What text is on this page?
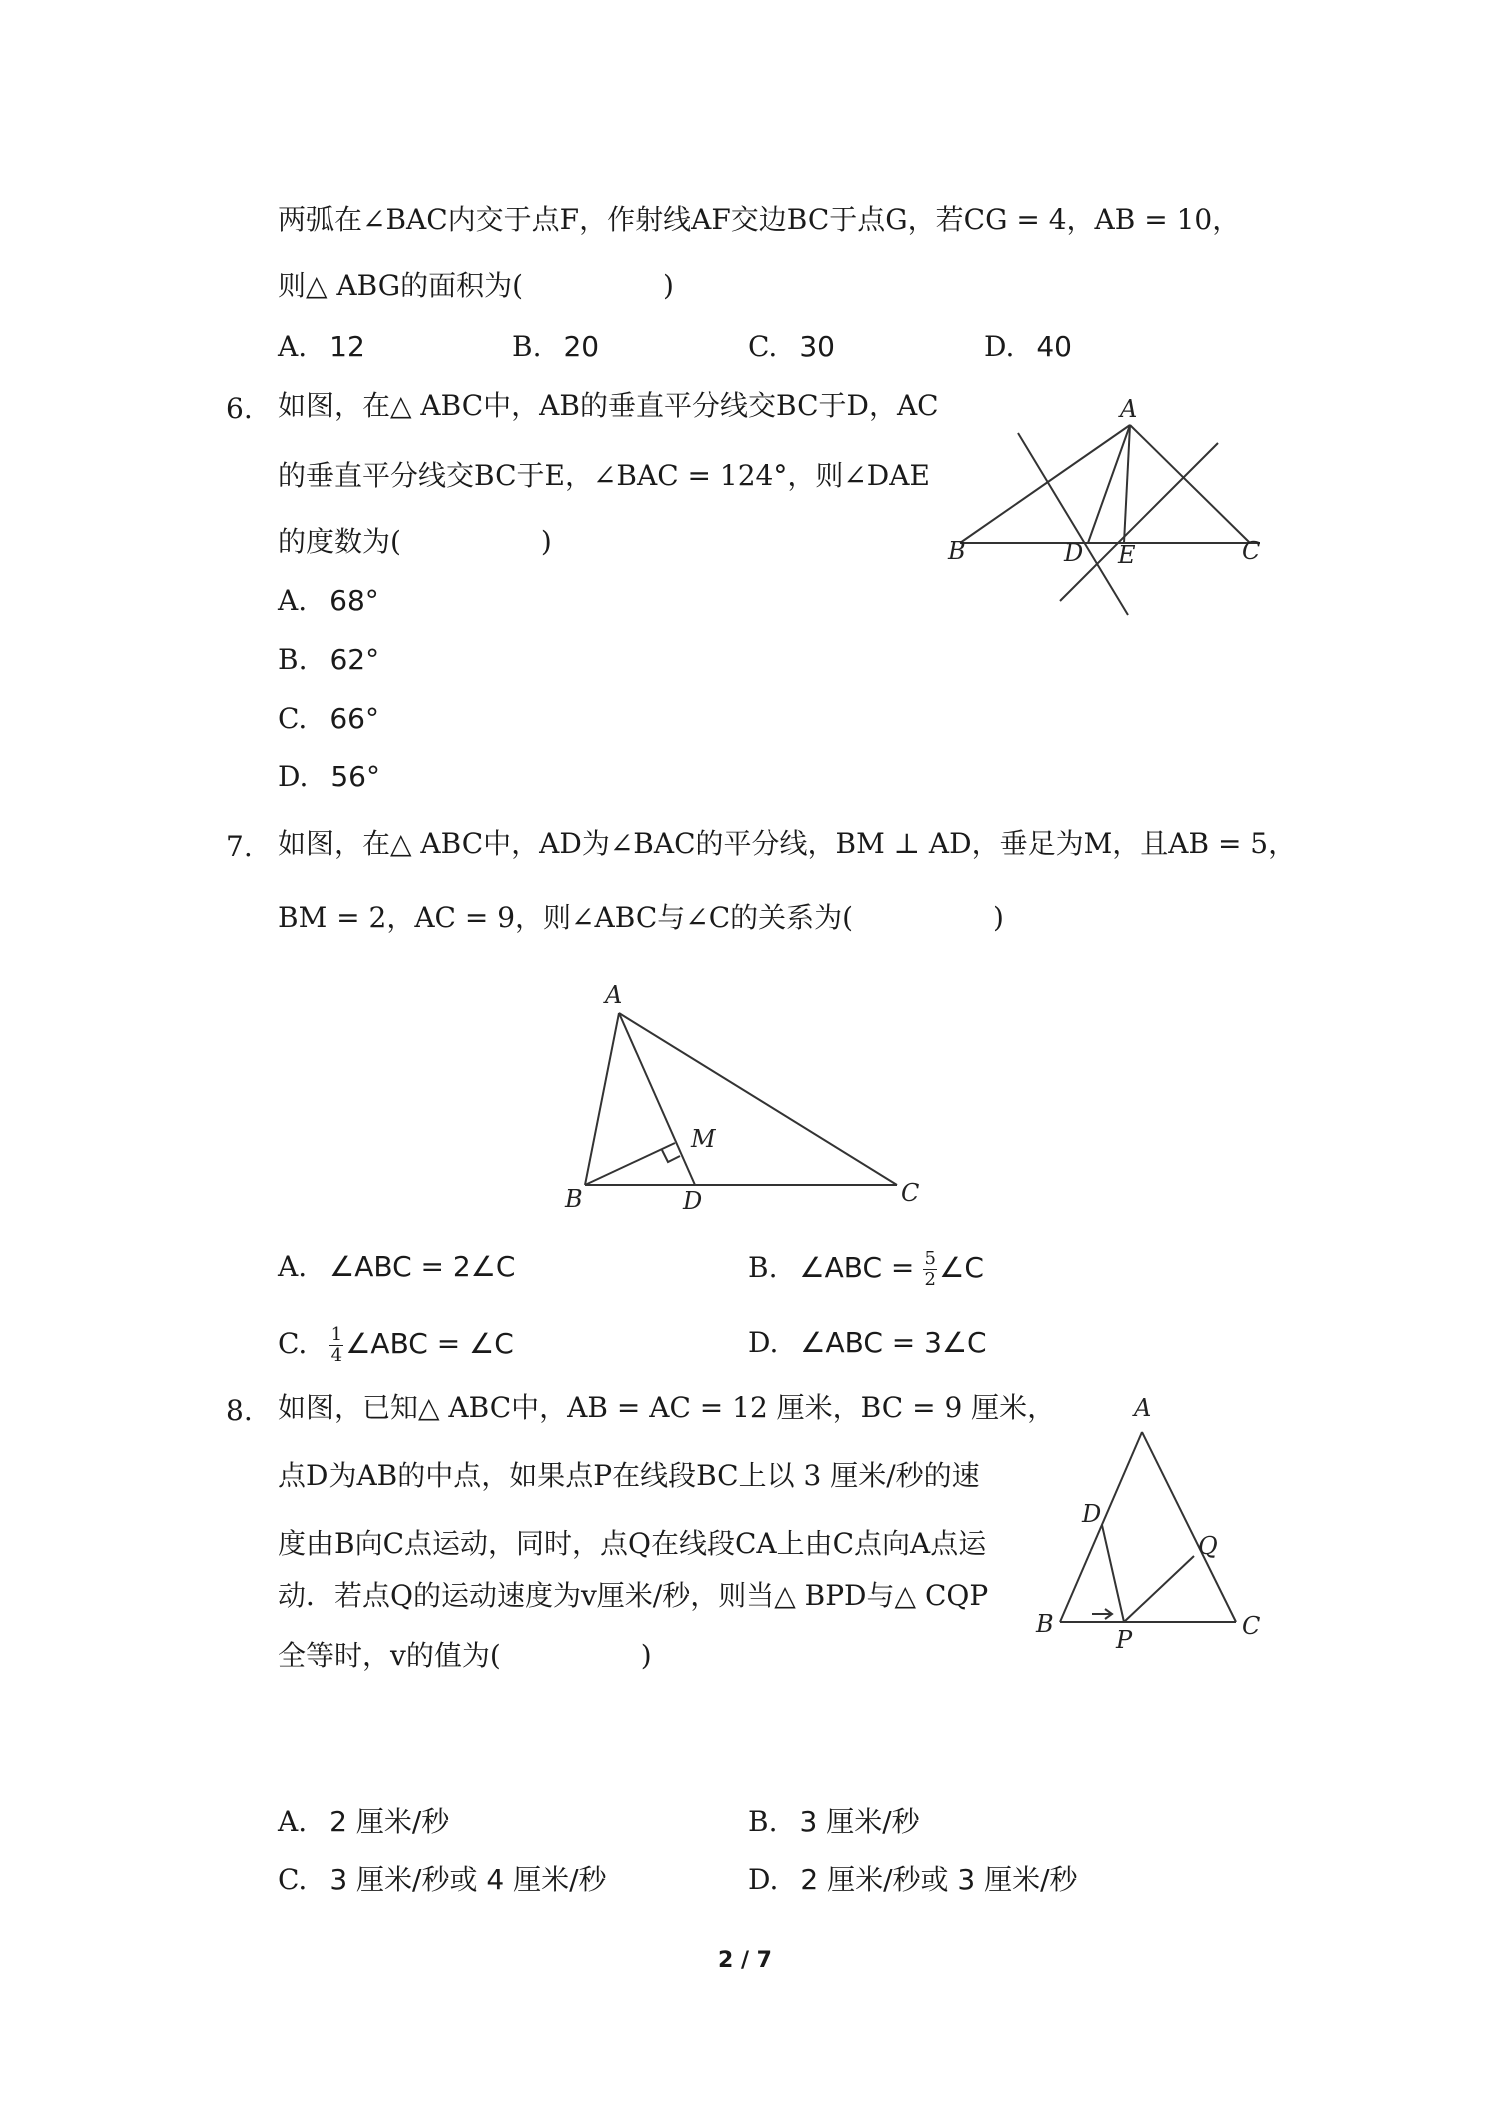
两弧在∠BAC内交于点F，作射线AF交边BC于点G，若CG = 4，AB = 10，
则△ ABG的面积为(　　　　　)
A. 12	B. 20	C. 30	D. 40
6. 如图，在△ ABC中，AB的垂直平分线交BC于D，AC
的垂直平分线交BC于E，∠BAC = 124°，则∠DAE
的度数为(　　　　　)
A. 68°
B. 62°
C. 66°
D. 56°
A
B	C
D E
7. 如图，在△ ABC中，AD为∠BAC的平分线，BM ⊥ AD，垂足为M，且AB = 5，
BM = 2，AC = 9，则∠ABC与∠C的关系为(　　　　　)
A
B	C
D
M
A. ∠ABC = 2∠C	B. ∠ABC = $\frac{5}{2}$ ∠C
C. $\frac{1}{4}$ ∠ABC = ∠C	D. ∠ABC = 3∠C
8. 如图，已知△ ABC中，AB = AC = 12 厘米，BC = 9 厘米，
点D为AB的中点，如果点P在线段BC上以 3 厘米/秒的速
度由B向C点运动，同时，点Q在线段CA上由C点向A点运
动．若点Q的运动速度为v厘米/秒，则当△ BPD与△ CQP
全等时，v的值为(　　　　　)
A
B	C
D
P
Q
A. 2 厘米/秒	B. 3 厘米/秒
C. 3 厘米/秒或 4 厘米/秒	D. 2 厘米/秒或 3 厘米/秒
2 / 7
